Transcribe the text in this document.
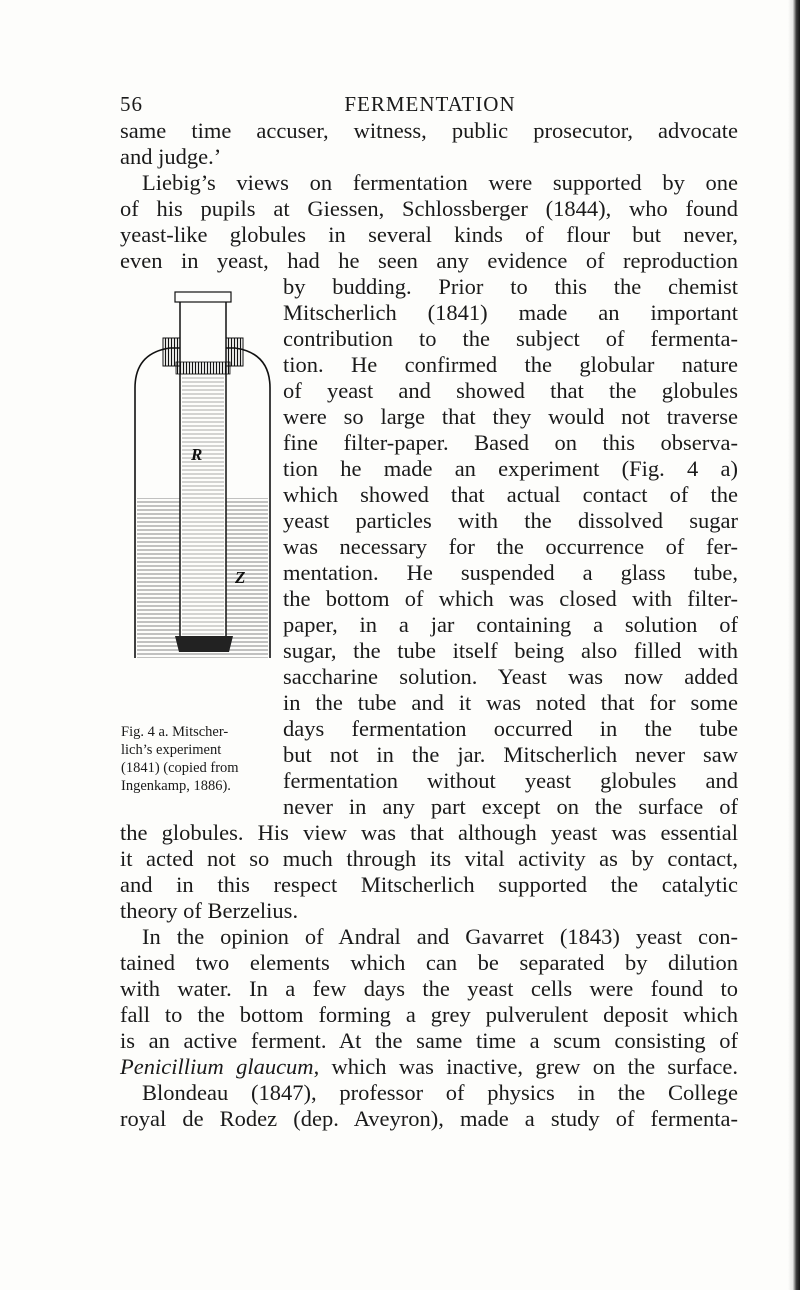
56	FERMENTATION
same time accuser, witness, public prosecutor, advocate
and judge.’
Liebig’s views on fermentation were supported by one
of his pupils at Giessen, Schlossberger (1844), who found
yeast-like globules in several kinds of flour but never,
even in yeast, had he seen any evidence of reproduction
by budding. Prior to this the chemist
Mitscherlich (1841) made an important
contribution to the subject of fermenta-
tion. He confirmed the globular nature
of yeast and showed that the globules
were so large that they would not traverse
fine filter-paper. Based on this observa-
tion he made an experiment (Fig. 4 a)
which showed that actual contact of the
yeast particles with the dissolved sugar
was necessary for the occurrence of fer-
mentation. He suspended a glass tube,
the bottom of which was closed with filter-
paper, in a jar containing a solution of
sugar, the tube itself being also filled with
saccharine solution. Yeast was now added
in the tube and it was noted that for some
days fermentation occurred in the tube
but not in the jar. Mitscherlich never saw
fermentation without yeast globules and
never in any part except on the surface of
the globules. His view was that although yeast was essential
it acted not so much through its vital activity as by contact,
and in this respect Mitscherlich supported the catalytic
theory of Berzelius.
In the opinion of Andral and Gavarret (1843) yeast con-
tained two elements which can be separated by dilution
with water. In a few days the yeast cells were found to
fall to the bottom forming a grey pulverulent deposit which
is an active ferment. At the same time a scum consisting of
Penicillium glaucum, which was inactive, grew on the surface.
Blondeau (1847), professor of physics in the College
royal de Rodez (dep. Aveyron), made a study of fermenta-
R
Z
Fig. 4 a. Mitscher-
lich’s experiment
(1841) (copied from
Ingenkamp, 1886).
